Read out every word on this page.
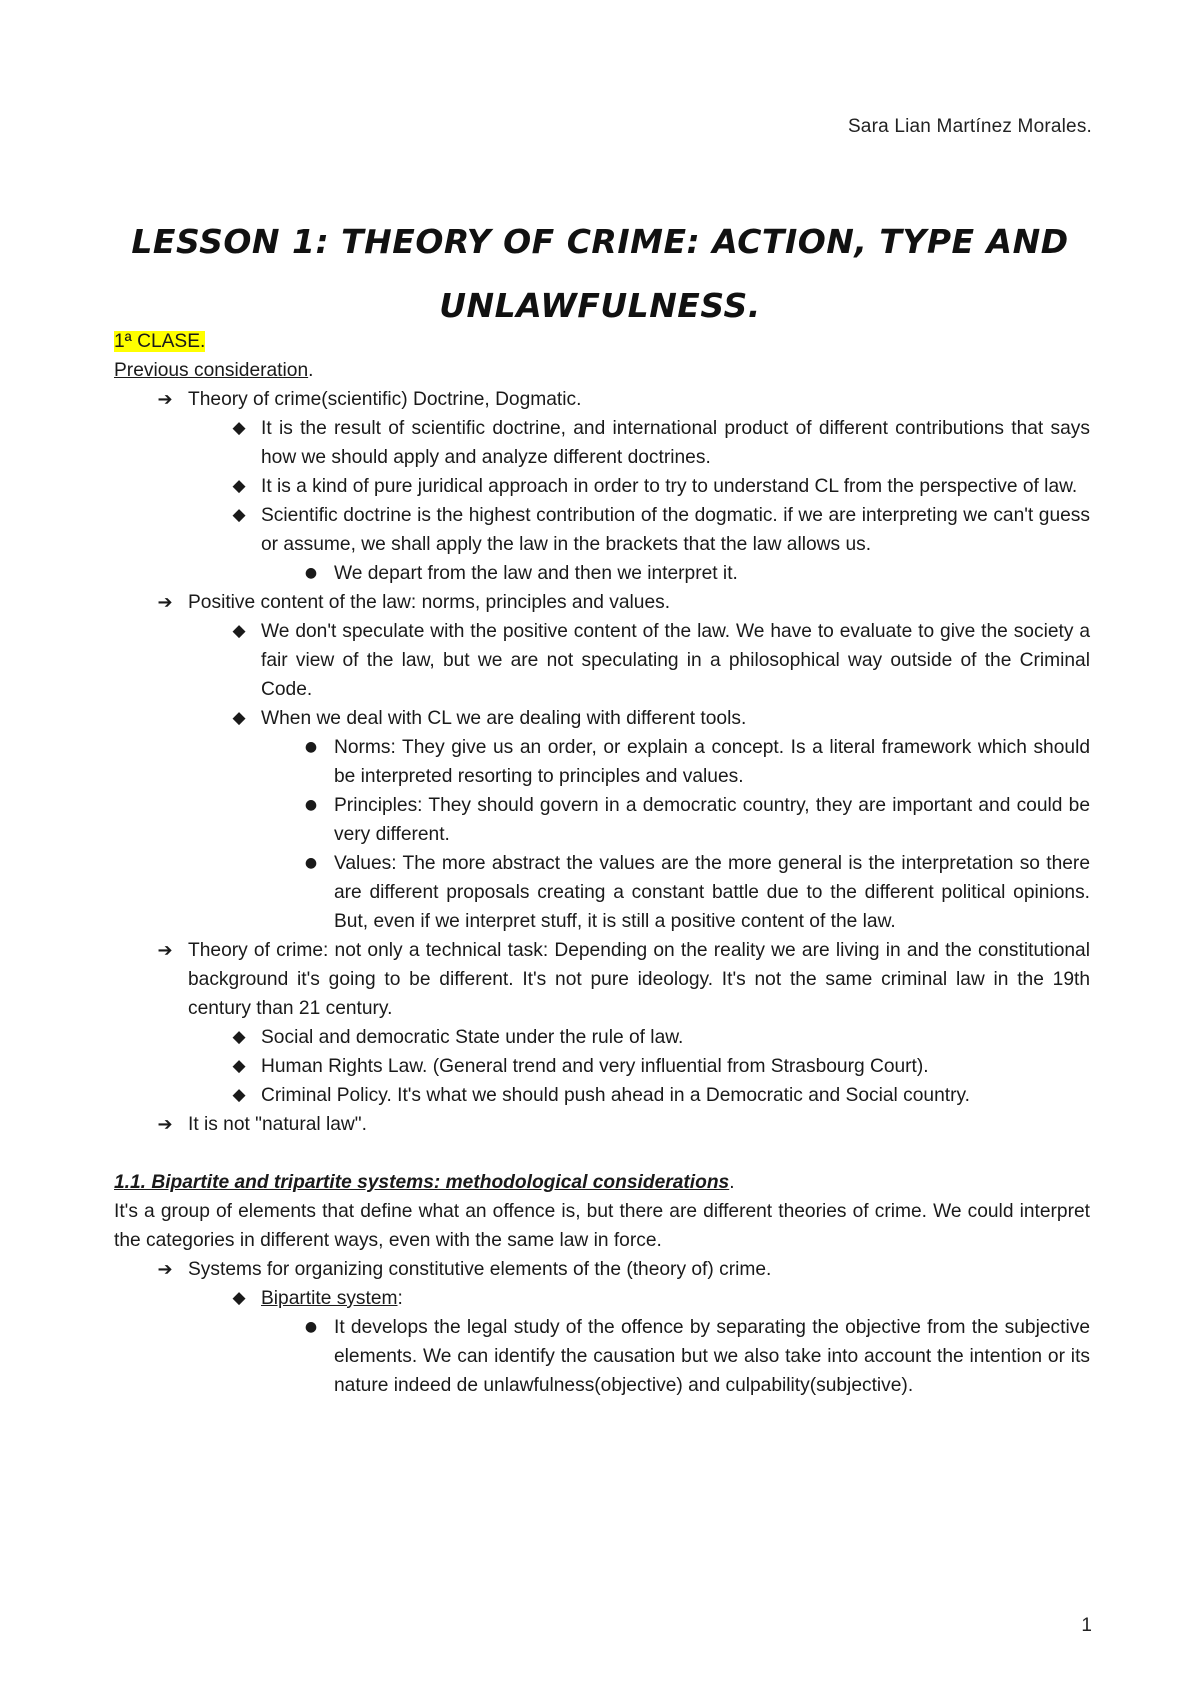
Sara Lian Martínez Morales.
LESSON 1: THEORY OF CRIME: ACTION, TYPE AND
UNLAWFULNESS.

1ª CLASE.

Previous consideration.

➔ Theory of crime(scientific) Doctrine, Dogmatic.
◆ It is the result of scientific doctrine, and international product of different contributions that says how we should apply and analyze different doctrines.
◆ It is a kind of pure juridical approach in order to try to understand CL from the perspective of law.
◆ Scientific doctrine is the highest contribution of the dogmatic. if we are interpreting we can't guess or assume, we shall apply the law in the brackets that the law allows us.
● We depart from the law and then we interpret it.
➔ Positive content of the law: norms, principles and values.
◆ We don't speculate with the positive content of the law. We have to evaluate to give the society a fair view of the law, but we are not speculating in a philosophical way outside of the Criminal Code.
◆ When we deal with CL we are dealing with different tools.
● Norms: They give us an order, or explain a concept. Is a literal framework which should be interpreted resorting to principles and values.
● Principles: They should govern in a democratic country, they are important and could be very different.
● Values: The more abstract the values are the more general is the interpretation so there are different proposals creating a constant battle due to the different political opinions. But, even if we interpret stuff, it is still a positive content of the law.
➔ Theory of crime: not only a technical task: Depending on the reality we are living in and the constitutional background it's going to be different. It's not pure ideology. It's not the same criminal law in the 19th century than 21 century.
◆ Social and democratic State under the rule of law.
◆ Human Rights Law. (General trend and very influential from Strasbourg Court).
◆ Criminal Policy. It's what we should push ahead in a Democratic and Social country.
➔ It is not "natural law".

1.1. Bipartite and tripartite systems: methodological considerations.

It's a group of elements that define what an offence is, but there are different theories of crime. We could interpret the categories in different ways, even with the same law in force.

➔ Systems for organizing constitutive elements of the (theory of) crime.
◆ Bipartite system:
● It develops the legal study of the offence by separating the objective from the subjective elements. We can identify the causation but we also take into account the intention or its nature indeed de unlawfulness(objective) and culpability(subjective).
1
